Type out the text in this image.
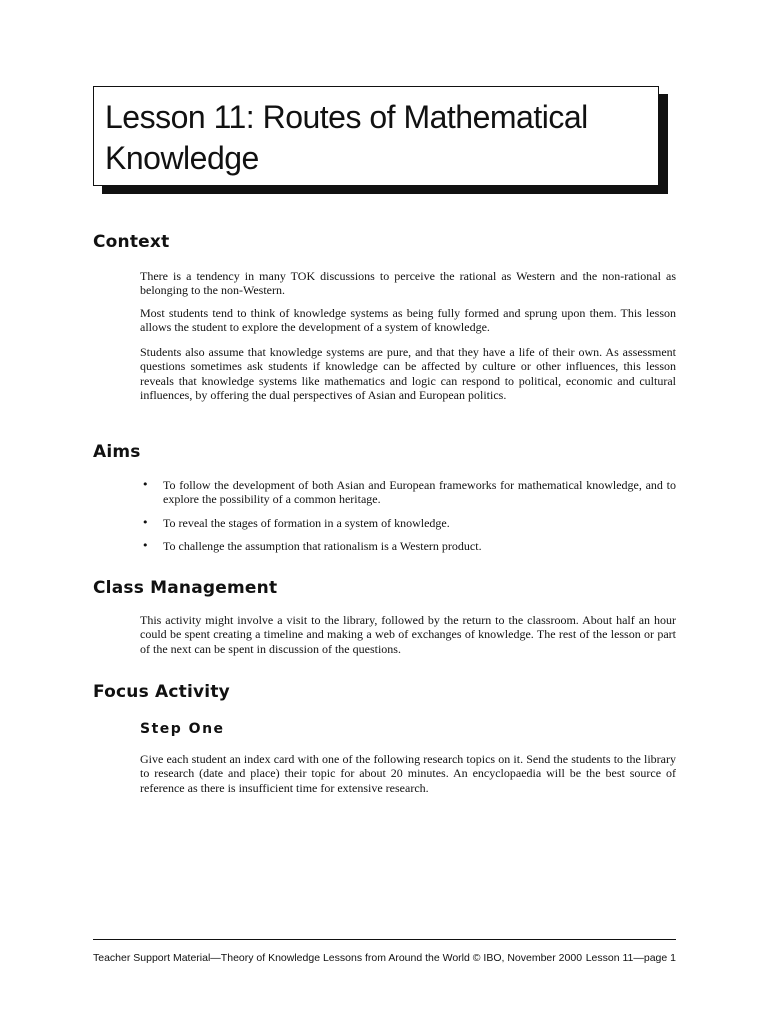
Lesson 11: Routes of Mathematical Knowledge
Context

There is a tendency in many TOK discussions to perceive the rational as Western and the non-rational as belonging to the non-Western.

Most students tend to think of knowledge systems as being fully formed and sprung upon them. This lesson allows the student to explore the development of a system of knowledge.

Students also assume that knowledge systems are pure, and that they have a life of their own. As assessment questions sometimes ask students if knowledge can be affected by culture or other influences, this lesson reveals that knowledge systems like mathematics and logic can respond to political, economic and cultural influences, by offering the dual perspectives of Asian and European politics.

Aims
• To follow the development of both Asian and European frameworks for mathematical knowledge, and to explore the possibility of a common heritage.
• To reveal the stages of formation in a system of knowledge.
• To challenge the assumption that rationalism is a Western product.
Class Management

This activity might involve a visit to the library, followed by the return to the classroom. About half an hour could be spent creating a timeline and making a web of exchanges of knowledge. The rest of the lesson or part of the next can be spent in discussion of the questions.

Focus Activity
Step One

Give each student an index card with one of the following research topics on it. Send the students to the library to research (date and place) their topic for about 20 minutes. An encyclopaedia will be the best source of reference as there is insufficient time for extensive research.

Teacher Support Material—Theory of Knowledge Lessons from Around the World © IBO, November 2000 Lesson 11—page 1
